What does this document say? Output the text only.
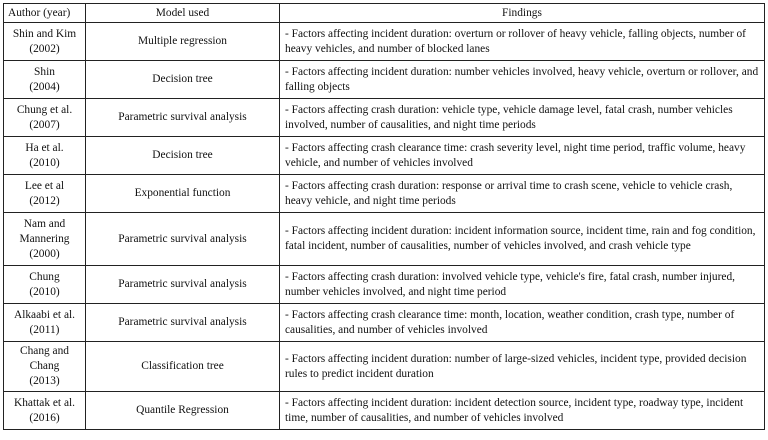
Author (year)	Model used	Findings
Shin and Kim
(2002)	Multiple regression	- Factors affecting incident duration: overturn or rollover of heavy vehicle, falling objects, number of heavy vehicles, and number of blocked lanes
Shin
(2004)	Decision tree	- Factors affecting incident duration: number vehicles involved, heavy vehicle, overturn or rollover, and falling objects
Chung et al.
(2007)	Parametric survival analysis	- Factors affecting crash duration: vehicle type, vehicle damage level, fatal crash, number vehicles involved, number of causalities, and night time periods
Ha et al.
(2010)	Decision tree	- Factors affecting crash clearance time: crash severity level, night time period, traffic volume, heavy vehicle, and number of vehicles involved
Lee et al
(2012)	Exponential function	- Factors affecting crash duration: response or arrival time to crash scene, vehicle to vehicle crash, heavy vehicle, and night time periods
Nam and
Mannering
(2000)	Parametric survival analysis	- Factors affecting incident duration: incident information source, incident time, rain and fog condition, fatal incident, number of causalities, number of vehicles involved, and crash vehicle type
Chung
(2010)	Parametric survival analysis	- Factors affecting crash duration: involved vehicle type, vehicle's fire, fatal crash, number injured, number vehicles involved, and night time period
Alkaabi et al.
(2011)	Parametric survival analysis	- Factors affecting crash clearance time: month, location, weather condition, crash type, number of causalities, and number of vehicles involved
Chang and Chang
(2013)	Classification tree	- Factors affecting incident duration: number of large-sized vehicles, incident type, provided decision rules to predict incident duration
Khattak et al.
(2016)	Quantile Regression	- Factors affecting incident duration: incident detection source, incident type, roadway type, incident time, number of causalities, and number of vehicles involved
